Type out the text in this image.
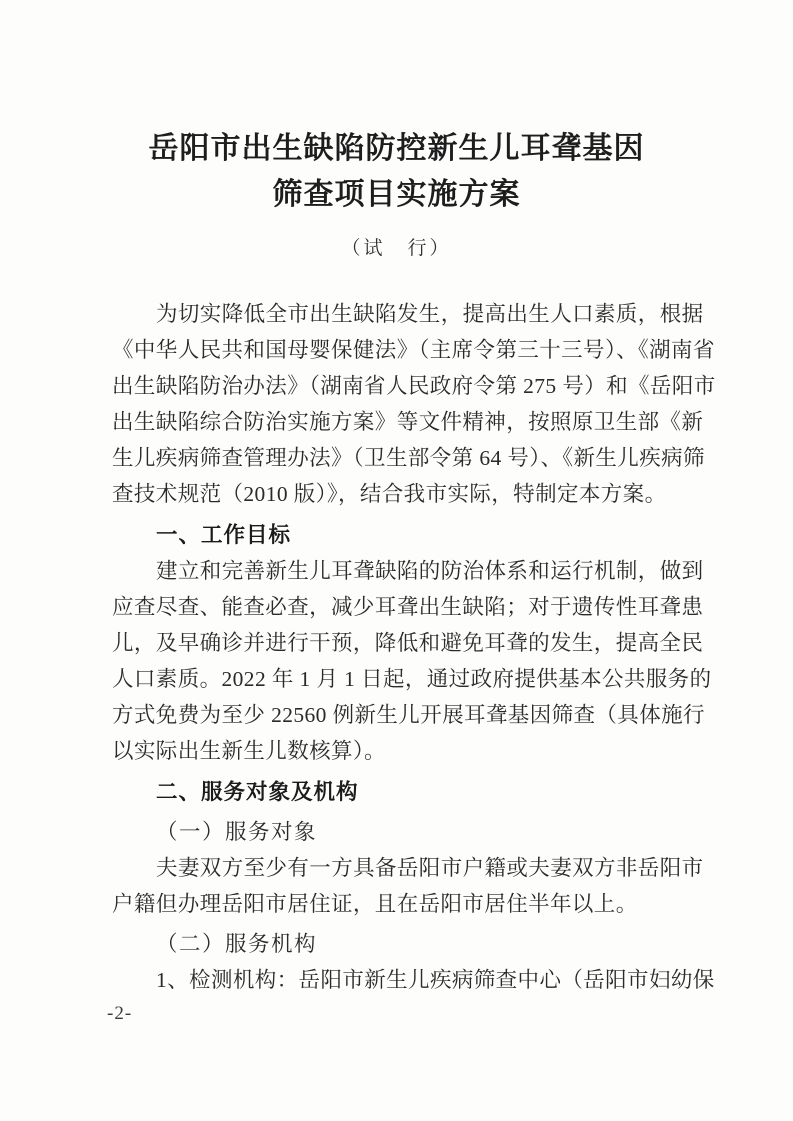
岳阳市出生缺陷防控新生儿耳聋基因
筛查项目实施方案
（试　行）
为切实降低全市出生缺陷发生，提高出生人口素质，根据
《中华人民共和国母婴保健法》（主席令第三十三号）、《湖南省
出生缺陷防治办法》（湖南省人民政府令第 275 号）和《岳阳市
出生缺陷综合防治实施方案》等文件精神，按照原卫生部《新
生儿疾病筛查管理办法》（卫生部令第 64 号）、《新生儿疾病筛
查技术规范（2010 版）》，结合我市实际，特制定本方案。
一、工作目标
建立和完善新生儿耳聋缺陷的防治体系和运行机制，做到
应查尽查、能查必查，减少耳聋出生缺陷；对于遗传性耳聋患
儿，及早确诊并进行干预，降低和避免耳聋的发生，提高全民
人口素质。2022 年 1 月 1 日起，通过政府提供基本公共服务的
方式免费为至少 22560 例新生儿开展耳聋基因筛查（具体施行
以实际出生新生儿数核算）。
二、服务对象及机构
（一）服务对象
夫妻双方至少有一方具备岳阳市户籍或夫妻双方非岳阳市
户籍但办理岳阳市居住证，且在岳阳市居住半年以上。
（二）服务机构
1、检测机构：岳阳市新生儿疾病筛查中心（岳阳市妇幼保
-2-
